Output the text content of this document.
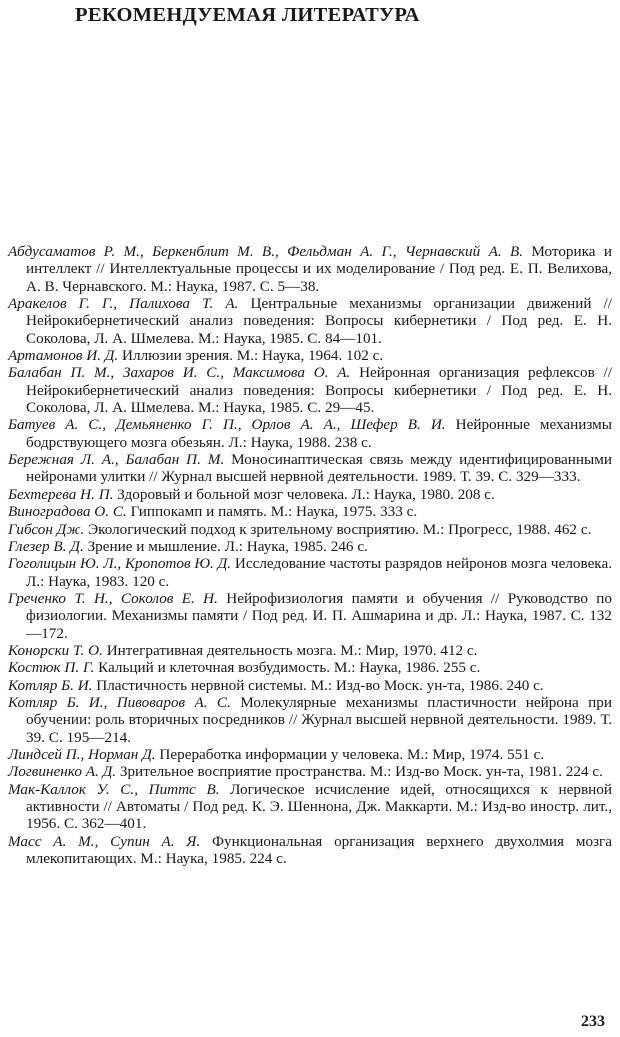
РЕКОМЕНДУЕМАЯ ЛИТЕРАТУРА

Абдусаматов Р. М., Беркенблит М. В., Фельдман А. Г., Чернавский А. В. Моторика и интеллект // Интеллектуальные процессы и их моделирование / Под ред. Е. П. Велихова, А. В. Чернавского. М.: Наука, 1987. С. 5—38.

Аракелов Г. Г., Палихова Т. А. Центральные механизмы организации движений // Нейрокибернетический анализ поведения: Вопросы кибернетики / Под ред. Е. Н. Соколова, Л. А. Шмелева. М.: Наука, 1985. С. 84—101.

Артамонов И. Д. Иллюзии зрения. М.: Наука, 1964. 102 с.

Балабан П. М., Захаров И. С., Максимова О. А. Нейронная организация рефлексов // Нейрокибернетический анализ поведения: Вопросы кибернетики / Под ред. Е. Н. Соколова, Л. А. Шмелева. М.: Наука, 1985. С. 29—45.

Батуев А. С., Демьяненко Г. П., Орлов А. А., Шефер В. И. Нейронные механизмы бодрствующего мозга обезьян. Л.: Наука, 1988. 238 с.

Бережная Л. А., Балабан П. М. Моносинаптическая связь между идентифицированными нейронами улитки // Журнал высшей нервной деятельности. 1989. Т. 39. С. 329—333.

Бехтерева Н. П. Здоровый и больной мозг человека. Л.: Наука, 1980. 208 с.

Виноградова О. С. Гиппокамп и память. М.: Наука, 1975. 333 с.

Гибсон Дж. Экологический подход к зрительному восприятию. М.: Прогресс, 1988. 462 с.

Глезер В. Д. Зрение и мышление. Л.: Наука, 1985. 246 с.

Гоголицын Ю. Л., Кропотов Ю. Д. Исследование частоты разрядов нейронов мозга человека. Л.: Наука, 1983. 120 с.

Греченко Т. Н., Соколов Е. Н. Нейрофизиология памяти и обучения // Руководство по физиологии. Механизмы памяти / Под ред. И. П. Ашмарина и др. Л.: Наука, 1987. С. 132—172.

Конорски Т. О. Интегративная деятельность мозга. М.: Мир, 1970. 412 с.

Костюк П. Г. Кальций и клеточная возбудимость. М.: Наука, 1986. 255 с.

Котляр Б. И. Пластичность нервной системы. М.: Изд-во Моск. ун-та, 1986. 240 с.

Котляр Б. И., Пивоваров А. С. Молекулярные механизмы пластичности нейрона при обучении: роль вторичных посредников // Журнал высшей нервной деятельности. 1989. Т. 39. С. 195—214.

Линдсей П., Норман Д. Переработка информации у человека. М.: Мир, 1974. 551 с.

Логвиненко А. Д. Зрительное восприятие пространства. М.: Изд-во Моск. ун-та, 1981. 224 с.

Мак-Каллок У. С., Питтс В. Логическое исчисление идей, относящихся к нервной активности // Автоматы / Под ред. К. Э. Шеннона, Дж. Маккарти. М.: Изд-во иностр. лит., 1956. С. 362—401.

Масс А. М., Супин А. Я. Функциональная организация верхнего двухолмия мозга млекопитающих. М.: Наука, 1985. 224 с.

233
